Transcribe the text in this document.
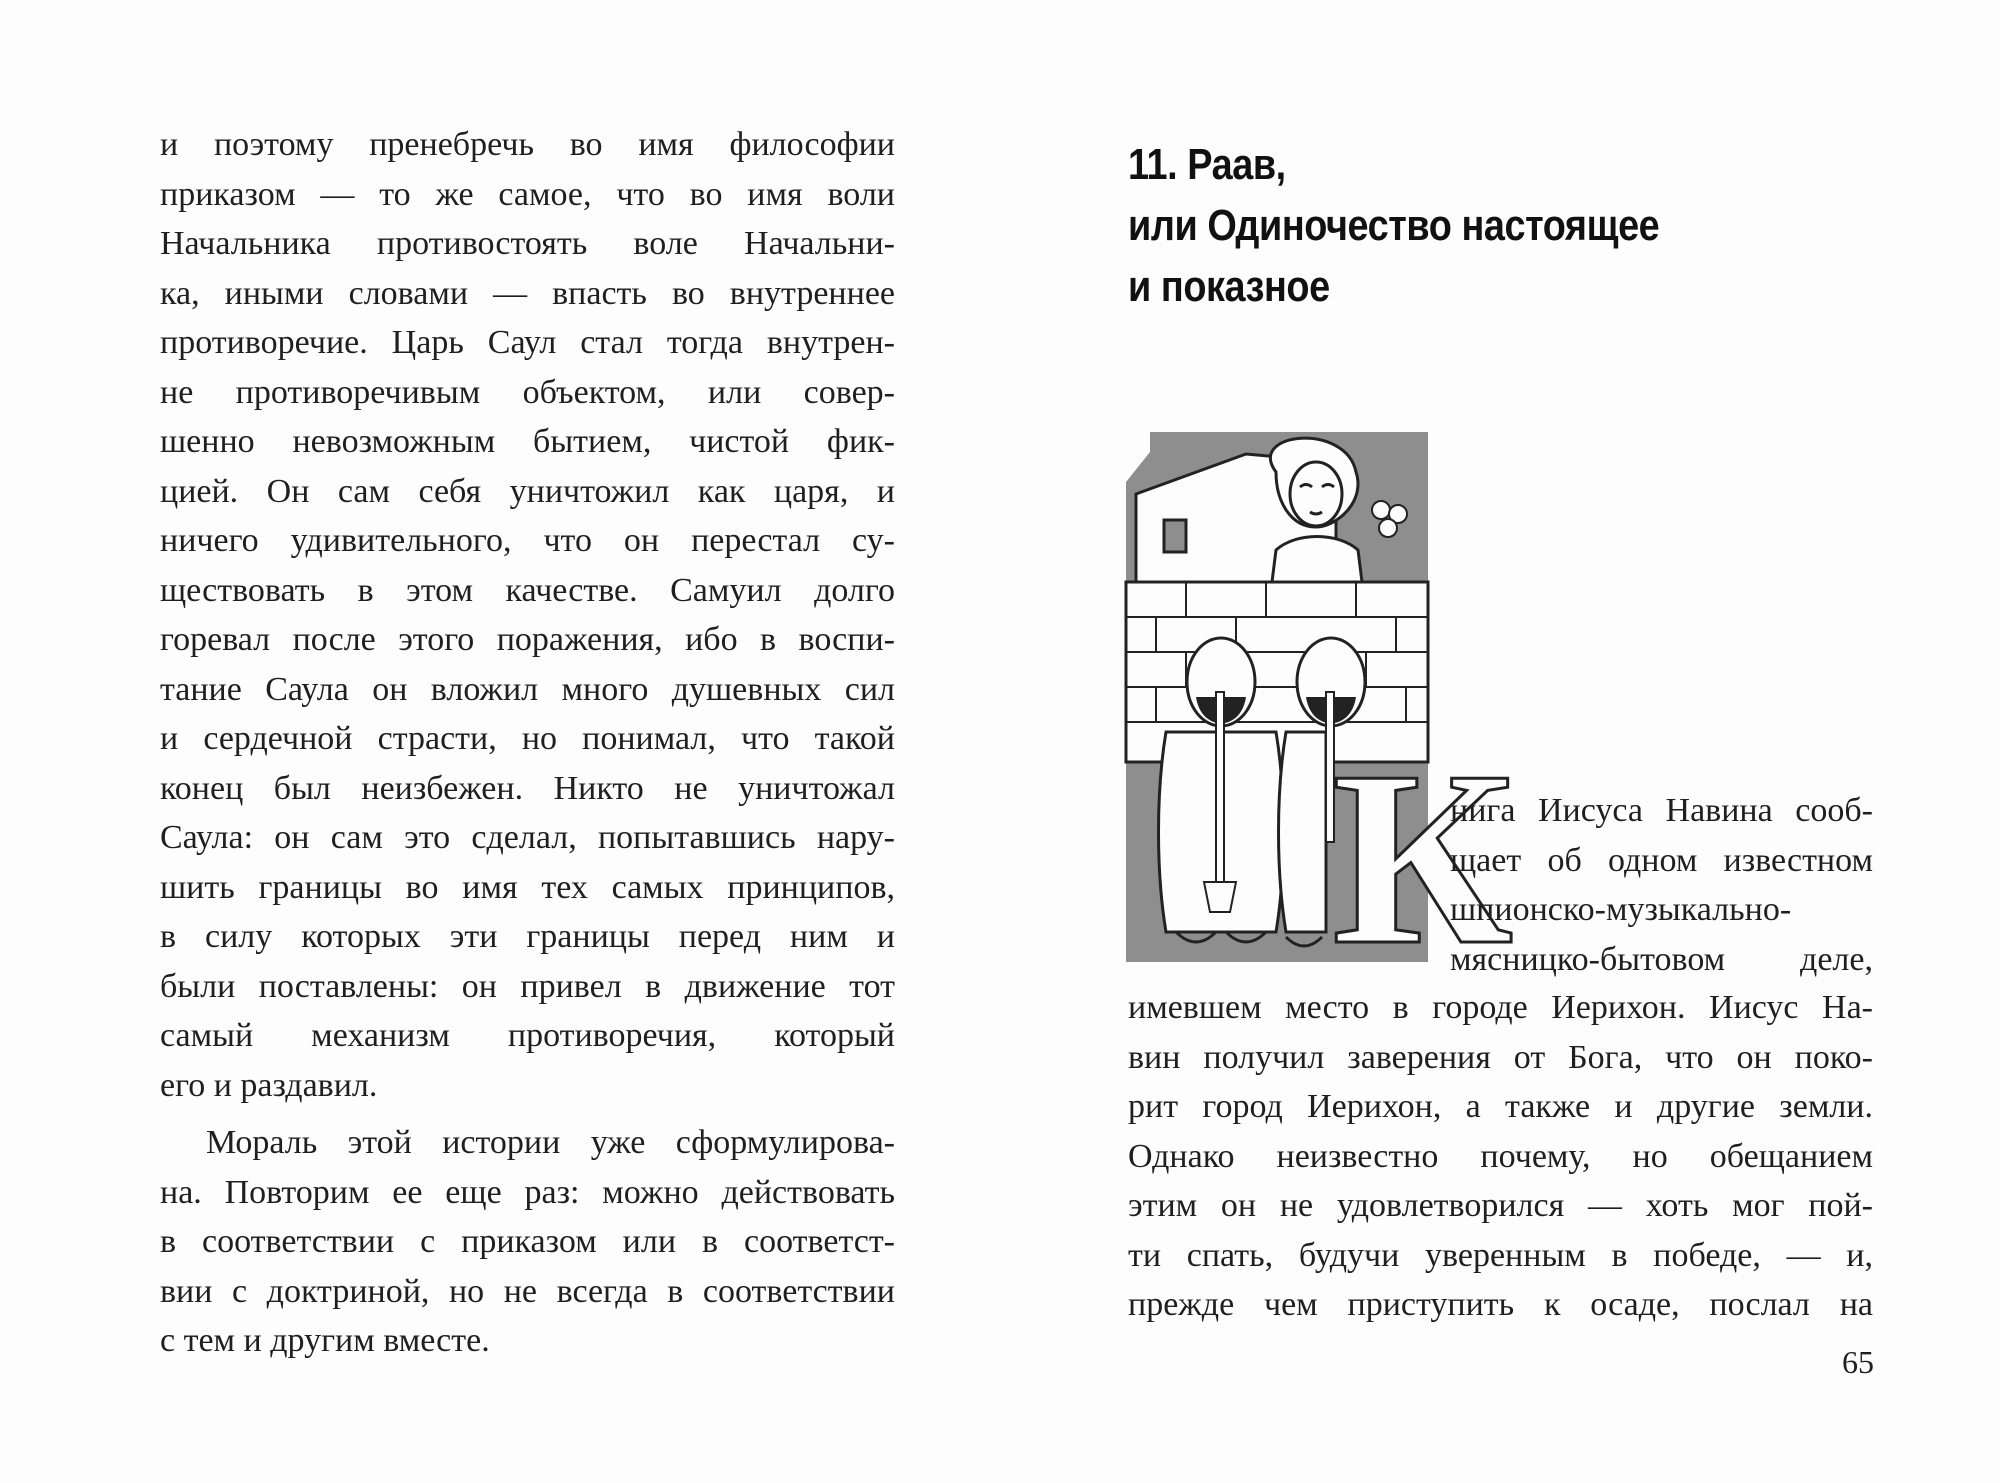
и поэтому пренебречь во имя философии
приказом — то же самое, что во имя воли
Начальника противостоять воле Начальни-
ка, иными словами — впасть во внутреннее
противоречие. Царь Саул стал тогда внутрен-
не противоречивым объектом, или совер-
шенно невозможным бытием, чистой фик-
цией. Он сам себя уничтожил как царя, и
ничего удивительного, что он перестал су-
ществовать в этом качестве. Самуил долго
горевал после этого поражения, ибо в воспи-
тание Саула он вложил много душевных сил
и сердечной страсти, но понимал, что такой
конец был неизбежен. Никто не уничтожал
Саула: он сам это сделал, попытавшись нару-
шить границы во имя тех самых принципов,
в силу которых эти границы перед ним и
были поставлены: он привел в движение тот
самый механизм противоречия, который
его и раздавил.
Мораль этой истории уже сформулирова-
на. Повторим ее еще раз: можно действовать
в соответствии с приказом или в соответст-
вии с доктриной, но не всегда в соответствии
с тем и другим вместе.
11. Раав,
или Одиночество настоящее
и показное
К
нига Иисуса Навина сооб-
щает об одном известном
шпионско-музыкально-
мясницко-бытовом деле,
имевшем место в городе Иерихон. Иисус На-
вин получил заверения от Бога, что он поко-
рит город Иерихон, а также и другие земли.
Однако неизвестно почему, но обещанием
этим он не удовлетворился — хоть мог пой-
ти спать, будучи уверенным в победе, — и,
прежде чем приступить к осаде, послал на
65
